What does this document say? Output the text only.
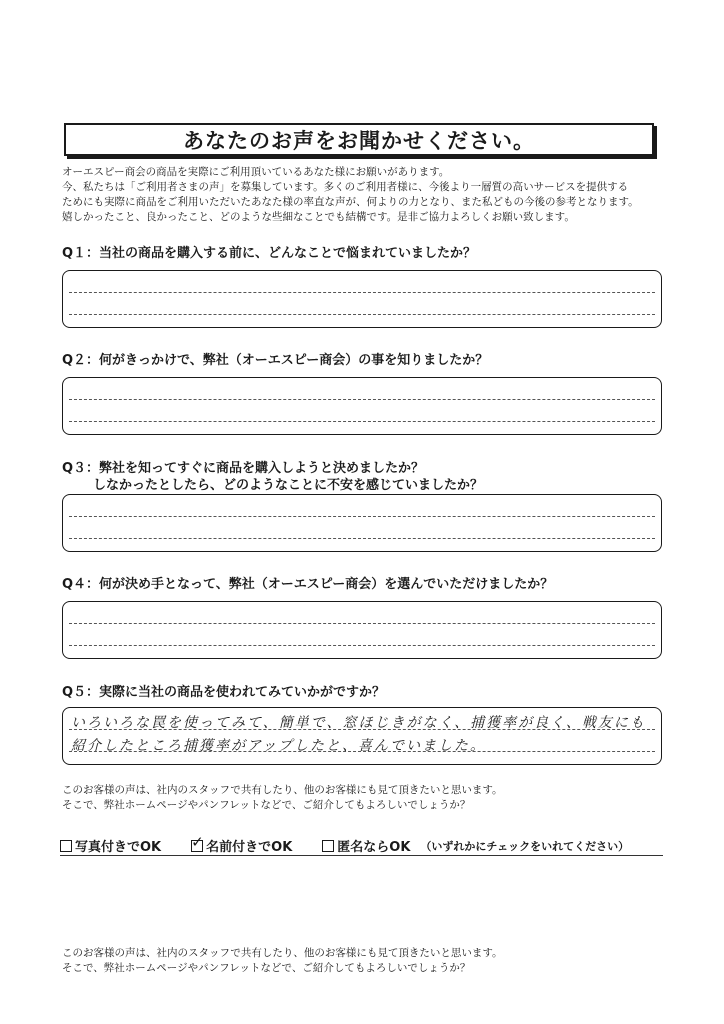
あなたのお声をお聞かせください。

オーエスピー商会の商品を実際にご利用頂いているあなた様にお願いがあります。

今、私たちは「ご利用者さまの声」を募集しています。多くのご利用者様に、今後より一層質の高いサービスを提供する

ためにも実際に商品をご利用いただいたあなた様の率直な声が、何よりの力となり、また私どもの今後の参考となります。

嬉しかったこと、良かったこと、どのような些細なことでも結構です。是非ご協力よろしくお願い致します。

Q１：当社の商品を購入する前に、どんなことで悩まれていましたか？
Q２：何がきっかけで、弊社（オーエスピー商会）の事を知りましたか？
Q３：弊社を知ってすぐに商品を購入しようと決めましたか？
しなかったとしたら、どのようなことに不安を感じていましたか？
Q４：何が決め手となって、弊社（オーエスピー商会）を選んでいただけましたか？
Q５：実際に当社の商品を使われてみていかがですか？
いろいろな罠を使ってみて、簡単で、窓ほじきがなく、捕獲率が良く、戦友にも
紹介したところ捕獲率がアップしたと、喜んでいました。

このお客様の声は、社内のスタッフで共有したり、他のお客様にも見て頂きたいと思います。

そこで、弊社ホームページやパンフレットなどで、ご紹介してもよろしいでしょうか？

写真付きでOK ✓ 名前付きでOK	匿名ならOK （いずれかにチェックをいれてください）

このお客様の声は、社内のスタッフで共有したり、他のお客様にも見て頂きたいと思います。

そこで、弊社ホームページやパンフレットなどで、ご紹介してもよろしいでしょうか？
